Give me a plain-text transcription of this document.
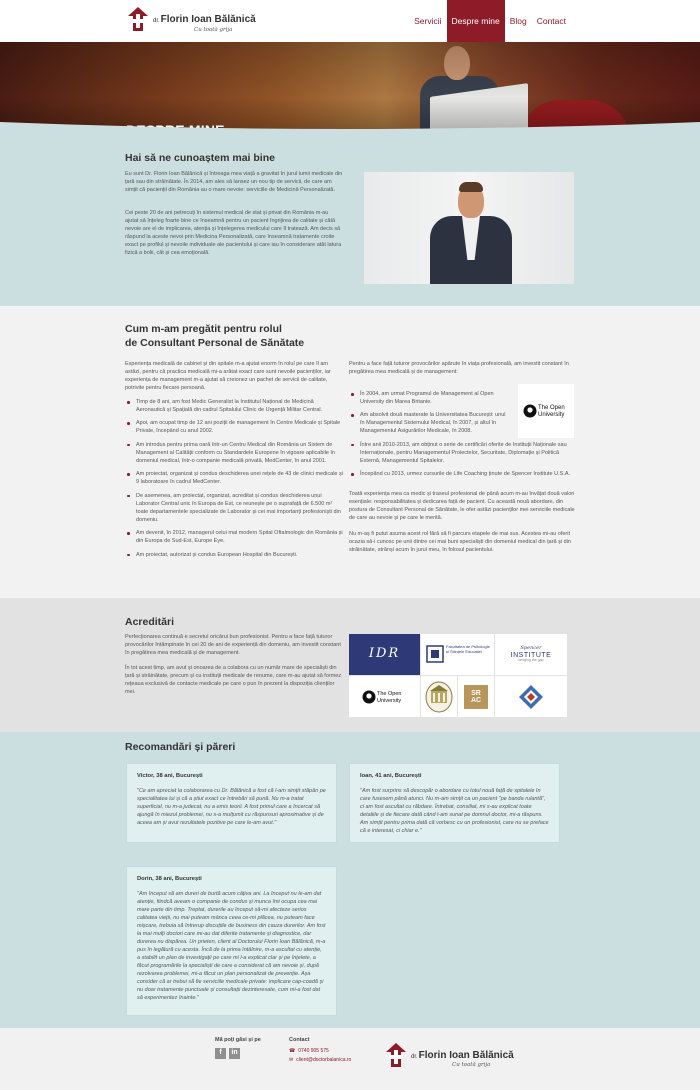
dr.Florin Ioan Bălănică
Cu toată grija
Servicii	Despre mine	Blog	Contact
Hai să ne cunoaștem mai bine

Eu sunt Dr. Florin Ioan Bălănică și întreaga mea viață a gravitat în jurul lumii medicale din țară sau din străinătate. În 2014, am ales să lansez un nou tip de servicii, de care am simțit că pacienții din România au o mare nevoie: serviciile de Medicină Personalizată.

Cei peste 20 de ani petrecuți în sistemul medical de stat și privat din România m-au ajutat să înțeleg foarte bine ce înseamnă pentru un pacient îngrijirea de calitate și câtă nevoie are el de implicarea, atenția și înțelegerea medicului care îl tratează. Am decis să răspund la aceste nevoi prin Medicina Personalizată, care înseamnă tratamente croite exact pe profilul și nevoile individuale ale pacientului și care iau în considerare atât latura fizică a bolii, cât și cea emoțională.

Cum m-am pregătit pentru rolul
de Consultant Personal de Sănătate

Experiența medicală de cabinet și din spitale m-a ajutat enorm în rolul pe care îl am astăzi, pentru că practica medicală mi-a arătat exact care sunt nevoile pacienților, iar experiența de management m-a ajutat să creionez un pachet de servicii de calitate, potrivite pentru fiecare persoană.

Timp de 8 ani, am fost Medic Generalist la Institutul Național de Medicină Aeronautică și Spațială din cadrul Spitalului Clinic de Urgență Militar Central.
Apoi, am ocupat timp de 12 ani poziții de management în Centre Medicale și Spitale Private, începând cu anul 2002.
Am introdus pentru prima oară într-un Centru Medical din România un Sistem de Management al Calității conform cu Standardele Europene în vigoare aplicabile în domeniul medical, într-o companie medicală privată, MedCenter, în anul 2001.
Am proiectat, organizat și condus deschiderea unei rețele de 43 de clinici medicale și 9 laboratoare în cadrul MedCenter.
De asemenea, am proiectat, organizat, acreditat și condus deschiderea unui Laborator Central unic în Europa de Est, ce reunește pe o suprafață de 6.500 m² toate departamentele specializate de Laborator și cei mai importanți profesioniști din domeniu.
Am devenit, în 2012, managerul celui mai modern Spital Oftalmologic din România și din Europa de Sud-Est, Europe Eye.
Am proiectat, autorizat și condus European Hospital din București.

Pentru a face față tuturor provocărilor apărute în viața profesională, am investit constant în pregătirea mea medicală și de management:

În 2004, am urmat Programul de Management al Open University din Marea Britanie.
Am absolvit două masterate la Universitatea București: unul în Managementul Sistemului Medical, în 2007, și altul în Managementul Asigurărilor Medicale, în 2008.
Între anii 2010-2013, am obținut o serie de certificări oferite de Instituții Naționale sau Internaționale, pentru Managementul Proiectelor, Securitate, Diplomație și Politică Externă, Managementul Spitalelor.
Începând cu 2013, urmez cursurile de Life Coaching ținute de Spencer Institute U.S.A.
The Open
University

Toată experiența mea ca medic și traseul profesional de până acum m-au învățat două valori esențiale: responsabilitatea și dedicarea față de pacient. Cu această nouă abordare, din postura de Consultant Personal de Sănătate, le ofer astăzi pacienților mei serviciile medicale de care au nevoie și pe care le merită.

Nu m-aș fi putut asuma acest rol fără să fi parcurs etapele de mai sus. Acestea mi-au oferit ocazia să-i cunosc pe unii dintre cei mai buni specialiști din domeniul medical din țară și din străinătate, strânși acum în jurul meu, în folosul pacientului.

Acreditări

Perfecționarea continuă e secretul oricărui bun profesionist. Pentru a face față tuturor provocărilor întâmpinate în cei 20 de ani de experiență din domeniu, am investit constant în pregătirea mea medicală și de management.

În tot acest timp, am avut și onoarea de a colabora cu un număr mare de specialiști din țară și străinătate, precum și cu instituții medicale de renume, care m-au ajutat să formez rețeaua exclusivă de contacte medicale pe care o pun în prezent la dispoziția clienților mei.

IDR
Facultatea de Psihologie și Științele Educației	Spencer
INSTITUTE
bridging the gap
The Open
University
SR
AC
Recomandări și păreri
Victor, 38 ani, București
"Ce am apreciat la colaborarea cu Dr. Bălănică a fost că l-am simțit stăpân pe specialitatea lui și că a știut exact ce întrebări să pună. Nu m-a tratat superficial, nu m-a judecat, nu a emis teorii. A fost primul care a încercat să ajungă în miezul problemei, nu s-a mulțumit cu răspunsuri aproximative și de aceea am și avut rezultatele pozitive pe care le-am avut."
Ioan, 41 ani, București
"Am fost surprins să descopăr o abordare cu totul nouă față de spitalele în care fusesem până atunci. Nu m-am simțit ca un pacient "pe banda rulantă", ci am fost ascultat cu răbdare. Întrebat, consiliat, mi s-au explicat toate detaliile și de fiecare dată când l-am sunat pe domnul doctor, mi-a răspuns. Am simțit pentru prima dată că vorbesc cu un profesionist, care nu se preface că e interesat, ci chiar e."
Dorin, 38 ani, București
"Am început să am dureri de burtă acum câțiva ani. La început nu le-am dat atenție, fiindcă aveam o companie de condus și munca îmi ocupa cea mai mare parte din timp. Treptat, durerile au început să-mi afecteze serios calitatea vieții, nu mai puteam mânca ceea ce-mi plăcea, nu puteam face mișcare, trebuia să întrerup discuțiile de business din cauza durerilor. Am fost la mai mulți doctori care mi-au dat diferite tratamente și diagnostice, dar durerea nu dispărea. Un prieten, client al Doctorului Florin Ioan Bălănică, m-a pus în legătură cu acesta. Încă de la prima întâlnire, m-a ascultat cu atenție, a stabilit un plan de investigații pe care mi l-a explicat clar și pe înțelete, a făcut programările la specialiști de care a considerat că am nevoie și, după rezolvarea problemei, mi-a făcut un plan personalizat de prevenție. Așa consider că ar trebui să fie serviciile medicale private: implicare cap-coadă și nu doar tratamente punctuale și consultații dezinteresate, cum mi-a fost dat să experimentez înainte."
Mă poți găsi și pe
f	in
Contact
☎ 0740 905 575
✉ client@doctorbalanica.ro	dr.Florin Ioan Bălănică
Cu toată grija
